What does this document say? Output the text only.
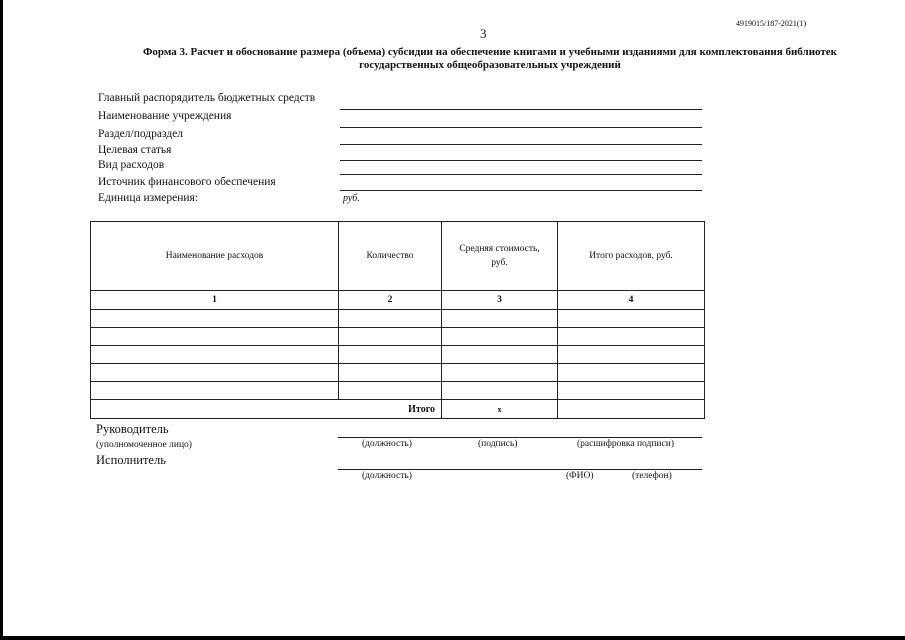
3
4919015/187-2021(1)
Форма 3. Расчет и обоснование размера (объема) субсидии на обеспечение книгами и учебными изданиями для комплектования библиотек
государственных общеобразовательных учреждений
Главный распорядитель бюджетных средств
Наименование учреждения
Раздел/подраздел
Целевая статья
Вид расходов
Источник финансового обеспечения
Единица измерения:	руб.
Наименование расходов	Количество	Средняя стоимость, руб.	Итого расходов, руб.
1	2	3	4

Итого		x	
Руководитель
(уполномоченное лицо)	(должность)	(подпись)	(расшифровка подписи)
Исполнитель
(должность)	(ФИО)	(телефон)
